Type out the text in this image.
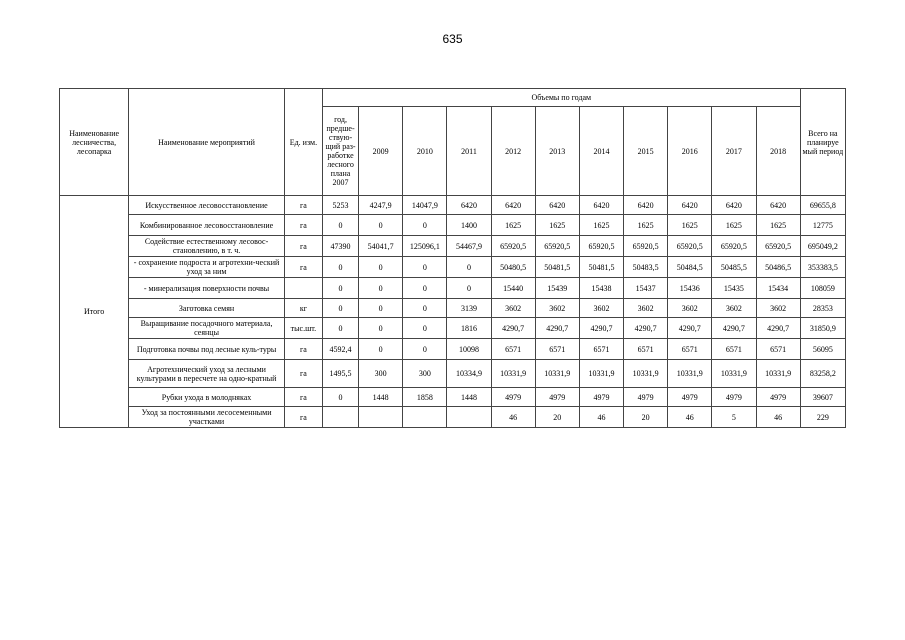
635
Наименование лесничества, лесопарка	Наименование мероприятий	Ед. изм.	Объемы по годам											Всего на планируе мый период
			год, предше-ствую-щий раз-работке лесного плана 2007	2009	2010	2011	2012	2013	2014	2015	2016	2017	2018	
Итого	Искусственное лесовосстановление	га	5253	4247,9	14047,9	6420	6420	6420	6420	6420	6420	6420	6420	69655,8
	Комбинированное лесовосстановление	га	0	0	0	1400	1625	1625	1625	1625	1625	1625	1625	12775
	Содействие естественному лесовос-становлению, в т. ч.	га	47390	54041,7	125096,1	54467,9	65920,5	65920,5	65920,5	65920,5	65920,5	65920,5	65920,5	695049,2
	- сохранение подроста и агротехни-ческий уход за ним	га	0	0	0	0	50480,5	50481,5	50481,5	50483,5	50484,5	50485,5	50486,5	353383,5
	- минерализация поверхности почвы		0	0	0	0	15440	15439	15438	15437	15436	15435	15434	108059
	Заготовка семян	кг	0	0	0	3139	3602	3602	3602	3602	3602	3602	3602	28353
	Выращивание посадочного материала, сеянцы	тыс.шт.	0	0	0	1816	4290,7	4290,7	4290,7	4290,7	4290,7	4290,7	4290,7	31850,9
	Подготовка почвы под лесные куль-туры	га	4592,4	0	0	10098	6571	6571	6571	6571	6571	6571	6571	56095
	Агротехнический уход за лесными культурами в пересчете на одно-кратный	га	1495,5	300	300	10334,9	10331,9	10331,9	10331,9	10331,9	10331,9	10331,9	10331,9	83258,2
	Рубки ухода в молодняках	га	0	1448	1858	1448	4979	4979	4979	4979	4979	4979	4979	39607
	Уход за постоянными лесосеменными участками	га					46	20	46	20	46	5	46	229
